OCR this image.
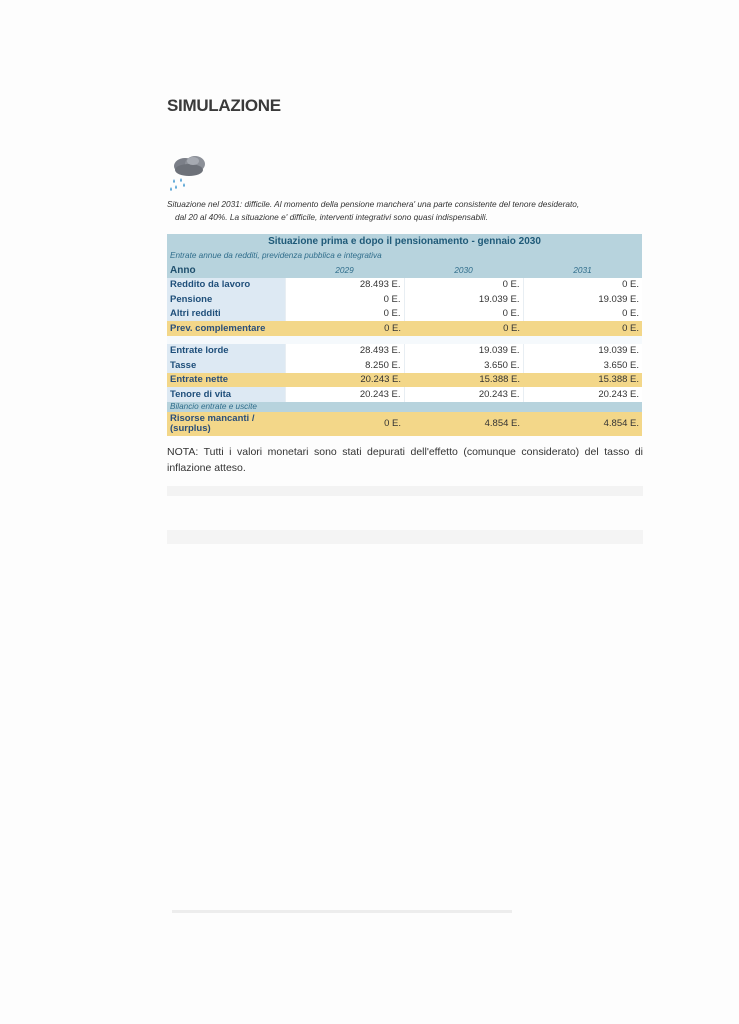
SIMULAZIONE
Situazione nel 2031: difficile. Al momento della pensione manchera' una parte consistente del tenore desiderato,
dal 20 al 40%. La situazione e' difficile, interventi integrativi sono quasi indispensabili.
Situazione prima e dopo il pensionamento - gennaio 2030			
Entrate annue da redditi, previdenza pubblica e integrativa			
Anno	2029	2030	2031
Reddito da lavoro	28.493 E.	0 E.	0 E.
Pensione	0 E.	19.039 E.	19.039 E.
Altri redditi	0 E.	0 E.	0 E.
Prev. complementare	0 E.	0 E.	0 E.

Entrate lorde	28.493 E.	19.039 E.	19.039 E.
Tasse	8.250 E.	3.650 E.	3.650 E.
Entrate nette	20.243 E.	15.388 E.	15.388 E.
Tenore di vita	20.243 E.	20.243 E.	20.243 E.
Bilancio entrate e uscite			
Risorse mancanti / (surplus)	0 E.	4.854 E.	4.854 E.
NOTA: Tutti i valori monetari sono stati depurati dell'effetto (comunque considerato) del tasso di inflazione atteso.
